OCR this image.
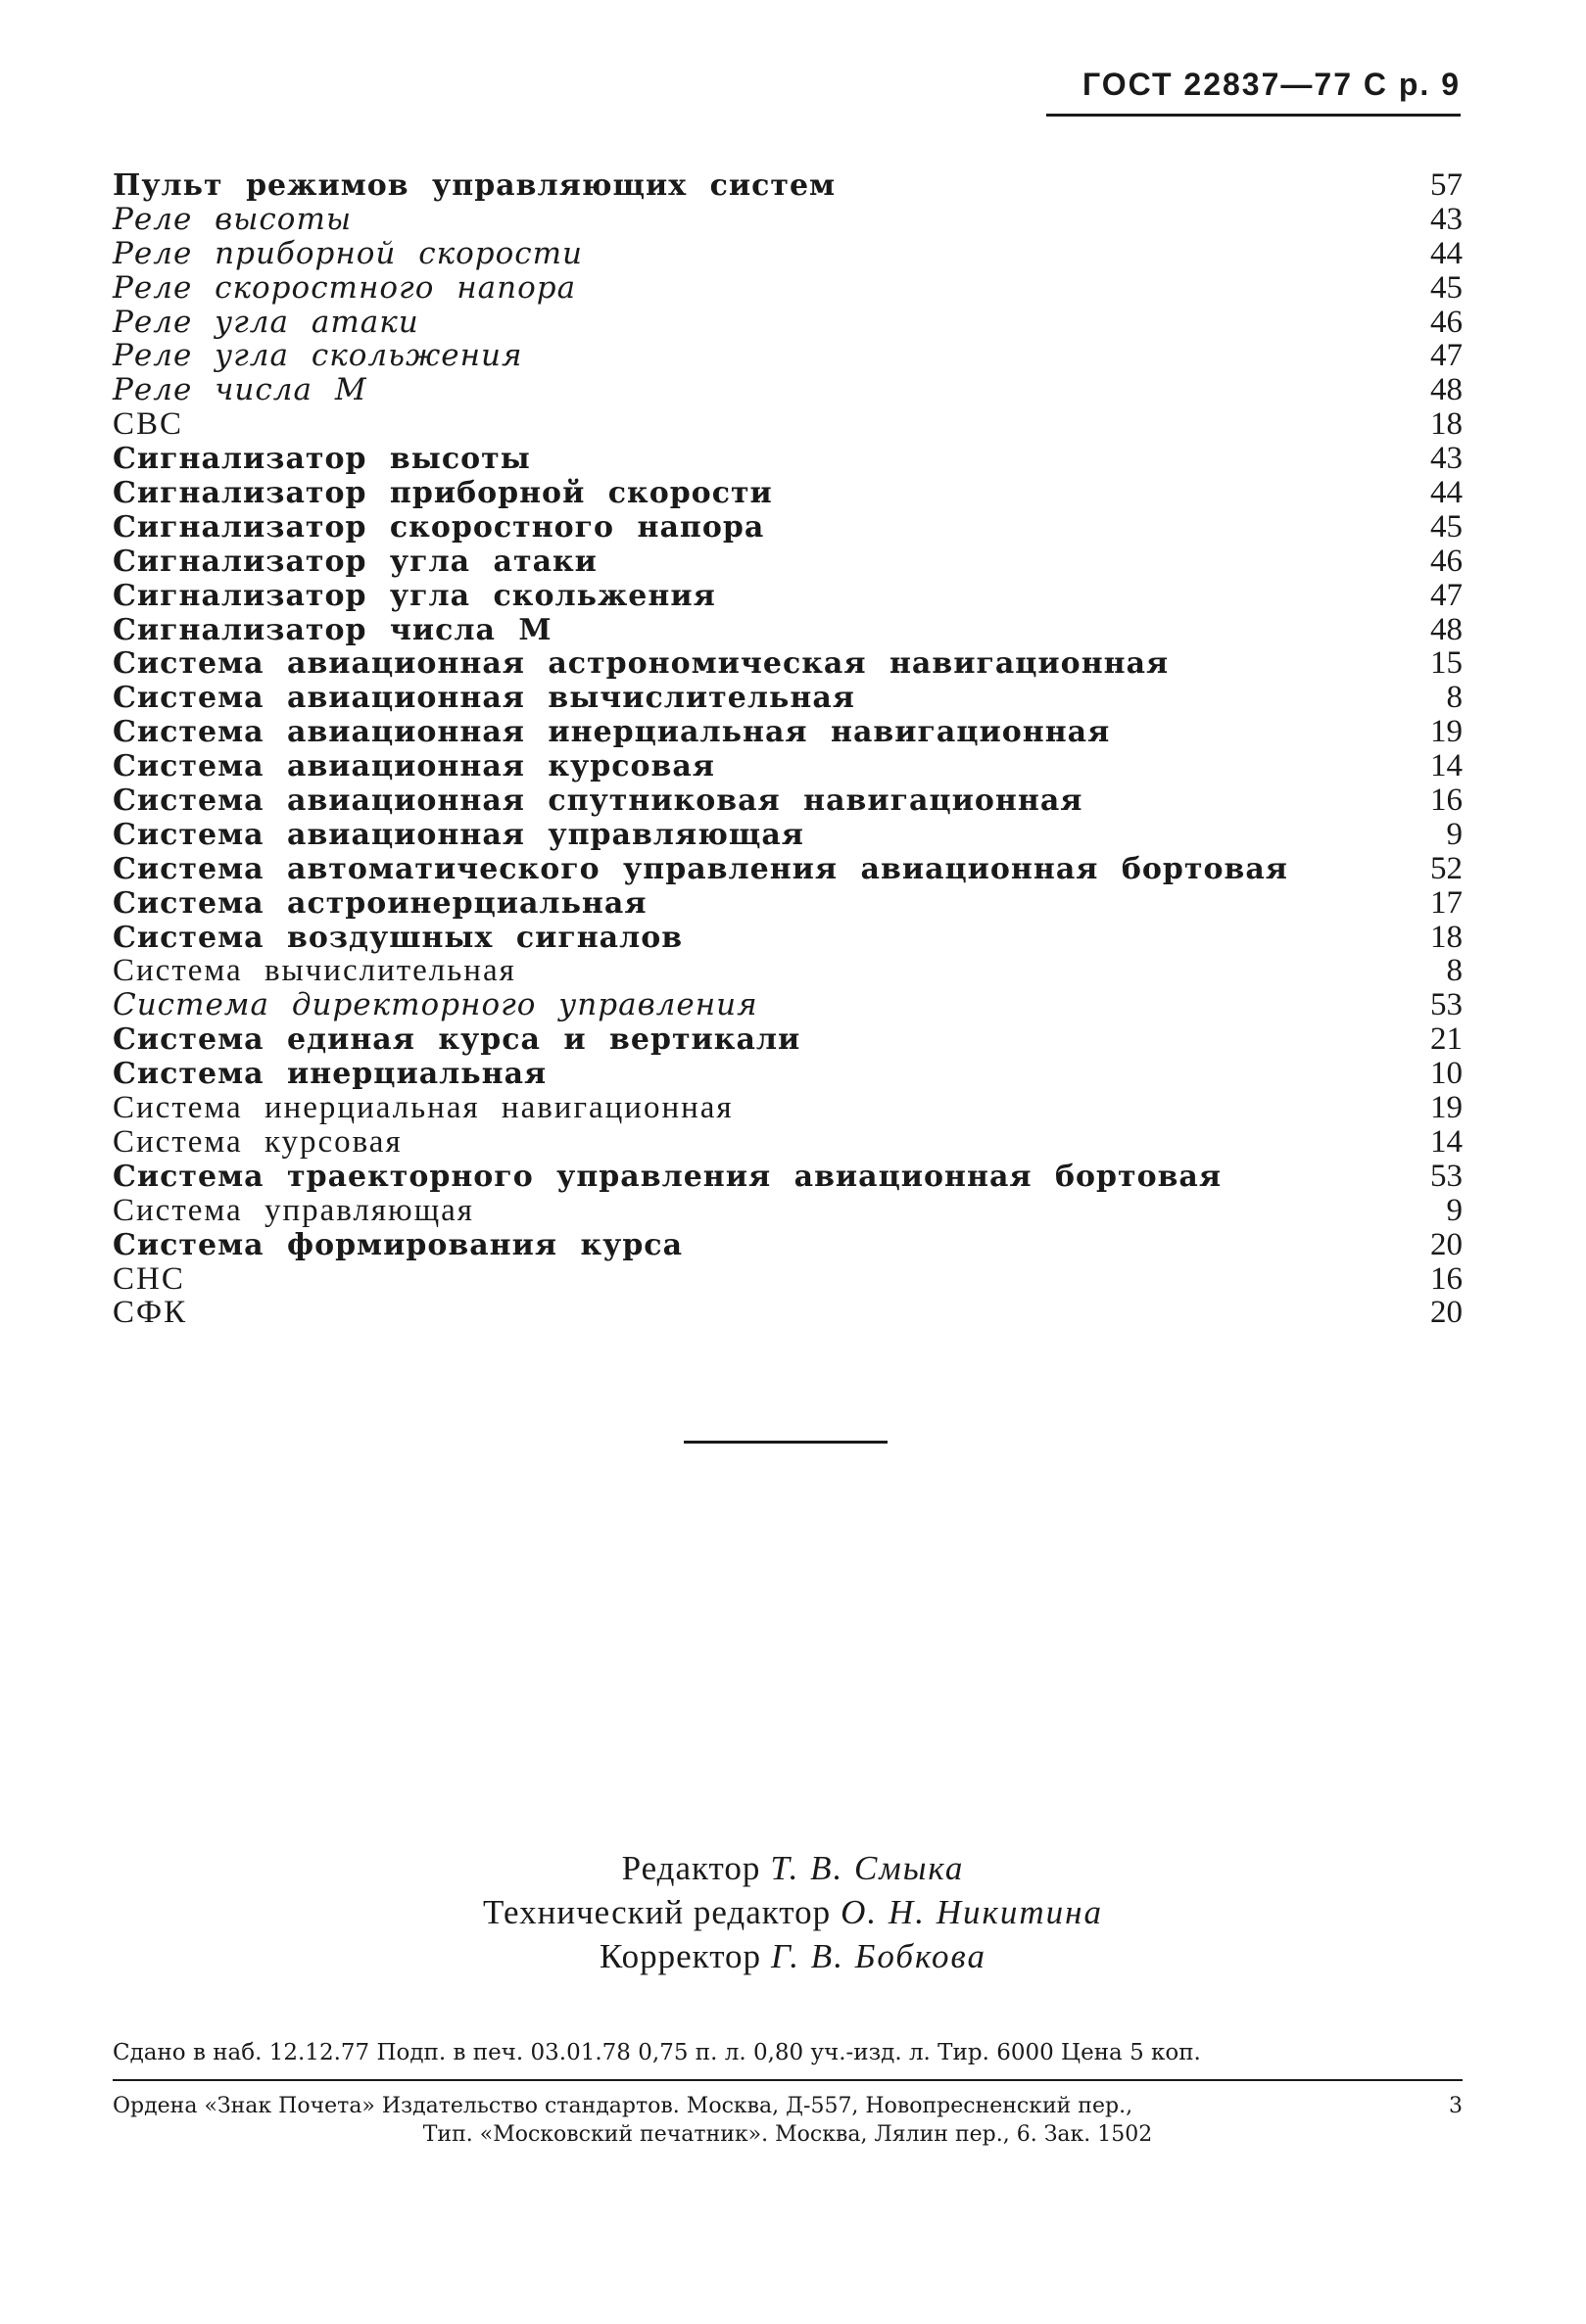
ГОСТ 22837—77 С р. 9
Пульт режимов управляющих систем	57
Реле высоты	43
Реле приборной скорости	44
Реле скоростного напора	45
Реле угла атаки	46
Реле угла скольжения	47
Реле числа М	48
СВС	18
Сигнализатор высоты	43
Сигнализатор приборной скорости	44
Сигнализатор скоростного напора	45
Сигнализатор угла атаки	46
Сигнализатор угла скольжения	47
Сигнализатор числа М	48
Система авиационная астрономическая навигационная	15
Система авиационная вычислительная	8
Система авиационная инерциальная навигационная	19
Система авиационная курсовая	14
Система авиационная спутниковая навигационная	16
Система авиационная управляющая	9
Система автоматического управления авиационная бортовая	52
Система астроинерциальная	17
Система воздушных сигналов	18
Система вычислительная	8
Система директорного управления	53
Система единая курса и вертикали	21
Система инерциальная	10
Система инерциальная навигационная	19
Система курсовая	14
Система траекторного управления авиационная бортовая	53
Система управляющая	9
Система формирования курса	20
СНС	16
СФК	20
Редактор Т. В. Смыка
Технический редактор О. Н. Никитина
Корректор Г. В. Бобкова
Сдано в наб. 12.12.77 Подп. в печ. 03.01.78 0,75 п. л. 0,80 уч.-изд. л. Тир. 6000 Цена 5 коп.
Ордена «Знак Почета» Издательство стандартов. Москва, Д-557, Новопресненский пер.,	3
Тип. «Московский печатник». Москва, Лялин пер., 6. Зак. 1502
